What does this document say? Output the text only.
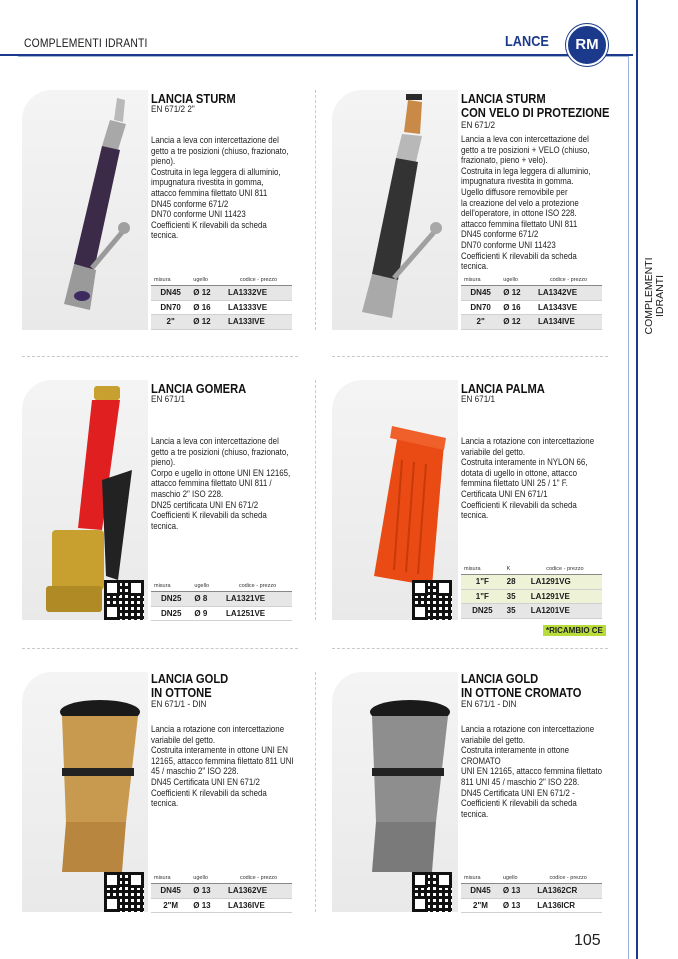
COMPLEMENTI IDRANTI	LANCE	RM
COMPLEMENTI IDRANTI
LANCIA STURM
EN 671/2 2"
Lancia a leva con intercettazione del
getto a tre posizioni (chiuso, frazionato,
pieno).
Costruita in lega leggera di alluminio,
impugnatura rivestita in gomma,
attacco femmina filettato UNI 811
DN45 conforme 671/2
DN70 conforme UNI 11423
Coefficienti K rilevabili da scheda tecnica.
misura	ugello	codice - prezzo
DN45	Ø 12	LA1332VE
DN70	Ø 16	LA1333VE
2"	Ø 12	LA133IVE
LANCIA STURM
CON VELO DI PROTEZIONE
EN 671/2
Lancia a leva con intercettazione del
getto a tre posizioni + VELO (chiuso,
frazionato, pieno + velo).
Costruita in lega leggera di alluminio,
impugnatura rivestita in gomma.
Ugello diffusore removibile per
la creazione del velo a protezione
dell'operatore, in ottone ISO 228.
attacco femmina filettato UNI 811
DN45 conforme 671/2
DN70 conforme UNI 11423
Coefficienti K rilevabili da scheda tecnica.
misura	ugello	codice - prezzo
DN45	Ø 12	LA1342VE
DN70	Ø 16	LA1343VE
2"	Ø 12	LA134IVE
LANCIA GOMERA
EN 671/1
Lancia a leva con intercettazione del
getto a tre posizioni (chiuso, frazionato,
pieno).
Corpo e ugello in ottone UNI EN 12165,
attacco femmina filettato UNI 811 /
maschio 2" ISO 228.
DN25 certificata UNI EN 671/2
Coefficienti K rilevabili da scheda tecnica.
misura	ugello	codice - prezzo
DN25	Ø 8	LA1321VE
DN25	Ø 9	LA1251VE
LANCIA PALMA
EN 671/1
Lancia a rotazione con intercettazione
variabile del getto.
Costruita interamente in NYLON 66,
dotata di ugello in ottone, attacco
femmina filettato UNI 25 / 1" F.
Certificata UNI EN 671/1
Coefficienti K rilevabili da scheda tecnica.
misura	K	codice - prezzo
1"F	28	LA1291VG
1"F	35	LA1291VE
DN25	35	LA1201VE
*RICAMBIO CE
LANCIA GOLD
IN OTTONE
EN 671/1 - DIN
Lancia a rotazione con intercettazione
variabile del getto.
Costruita interamente in ottone UNI EN
12165, attacco femmina filettato 811 UNI
45 / maschio 2" ISO 228.
DN45 Certificata UNI EN 671/2
Coefficienti K rilevabili da scheda tecnica.
misura	ugello	codice - prezzo
DN45	Ø 13	LA1362VE
2"M	Ø 13	LA136IVE
LANCIA GOLD
IN OTTONE CROMATO
EN 671/1 - DIN
Lancia a rotazione con intercettazione
variabile del getto.
Costruita interamente in ottone CROMATO
UNI EN 12165, attacco femmina filettato
811 UNI 45 / maschio 2" ISO 228.
DN45 Certificata UNI EN 671/2 -
Coefficienti K rilevabili da scheda tecnica.
misura	ugello	codice - prezzo
DN45	Ø 13	LA1362CR
2"M	Ø 13	LA136ICR
105
